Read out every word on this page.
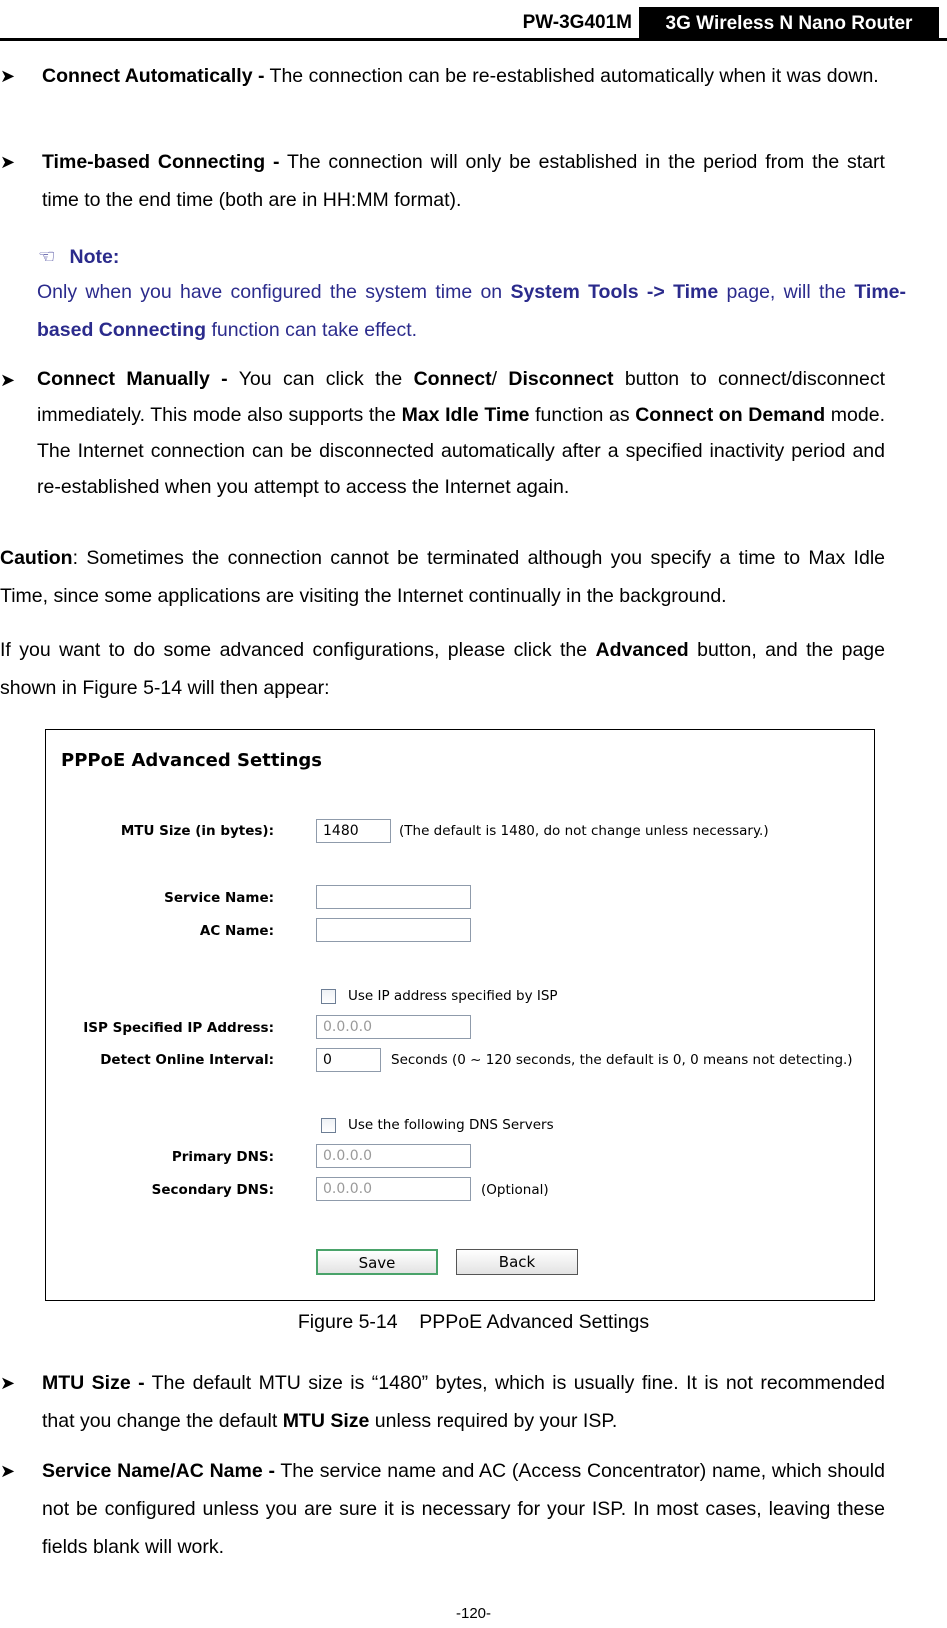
PW-3G401M	3G Wireless N Nano Router
➤ Connect Automatically - The connection can be re-established automatically when it was down.
➤ Time-based Connecting - The connection will only be established in the period from the start time to the end time (both are in HH:MM format).
☜ Note:
Only when you have configured the system time on System Tools -> Time page, will the Time-based Connecting function can take effect.
➤ Connect Manually - You can click the Connect/ Disconnect button to connect/disconnect immediately. This mode also supports the Max Idle Time function as Connect on Demand mode. The Internet connection can be disconnected automatically after a specified inactivity period and re-established when you attempt to access the Internet again.
Caution: Sometimes the connection cannot be terminated although you specify a time to Max Idle Time, since some applications are visiting the Internet continually in the background.
If you want to do some advanced configurations, please click the Advanced button, and the page shown in Figure 5-14 will then appear:
PPPoE Advanced Settings
MTU Size (in bytes):	1480	(The default is 1480, do not change unless necessary.)
Service Name:
AC Name:
Use IP address specified by ISP
ISP Specified IP Address:	0.0.0.0
Detect Online Interval:	0	Seconds (0 ~ 120 seconds, the default is 0, 0 means not detecting.)
Use the following DNS Servers
Primary DNS:	0.0.0.0
Secondary DNS:	0.0.0.0	(Optional)
Save	Back
Figure 5-14    PPPoE Advanced Settings
➤ MTU Size - The default MTU size is “1480” bytes, which is usually fine. It is not recommended that you change the default MTU Size unless required by your ISP.
➤ Service Name/AC Name - The service name and AC (Access Concentrator) name, which should not be configured unless you are sure it is necessary for your ISP. In most cases, leaving these fields blank will work.
-120-
